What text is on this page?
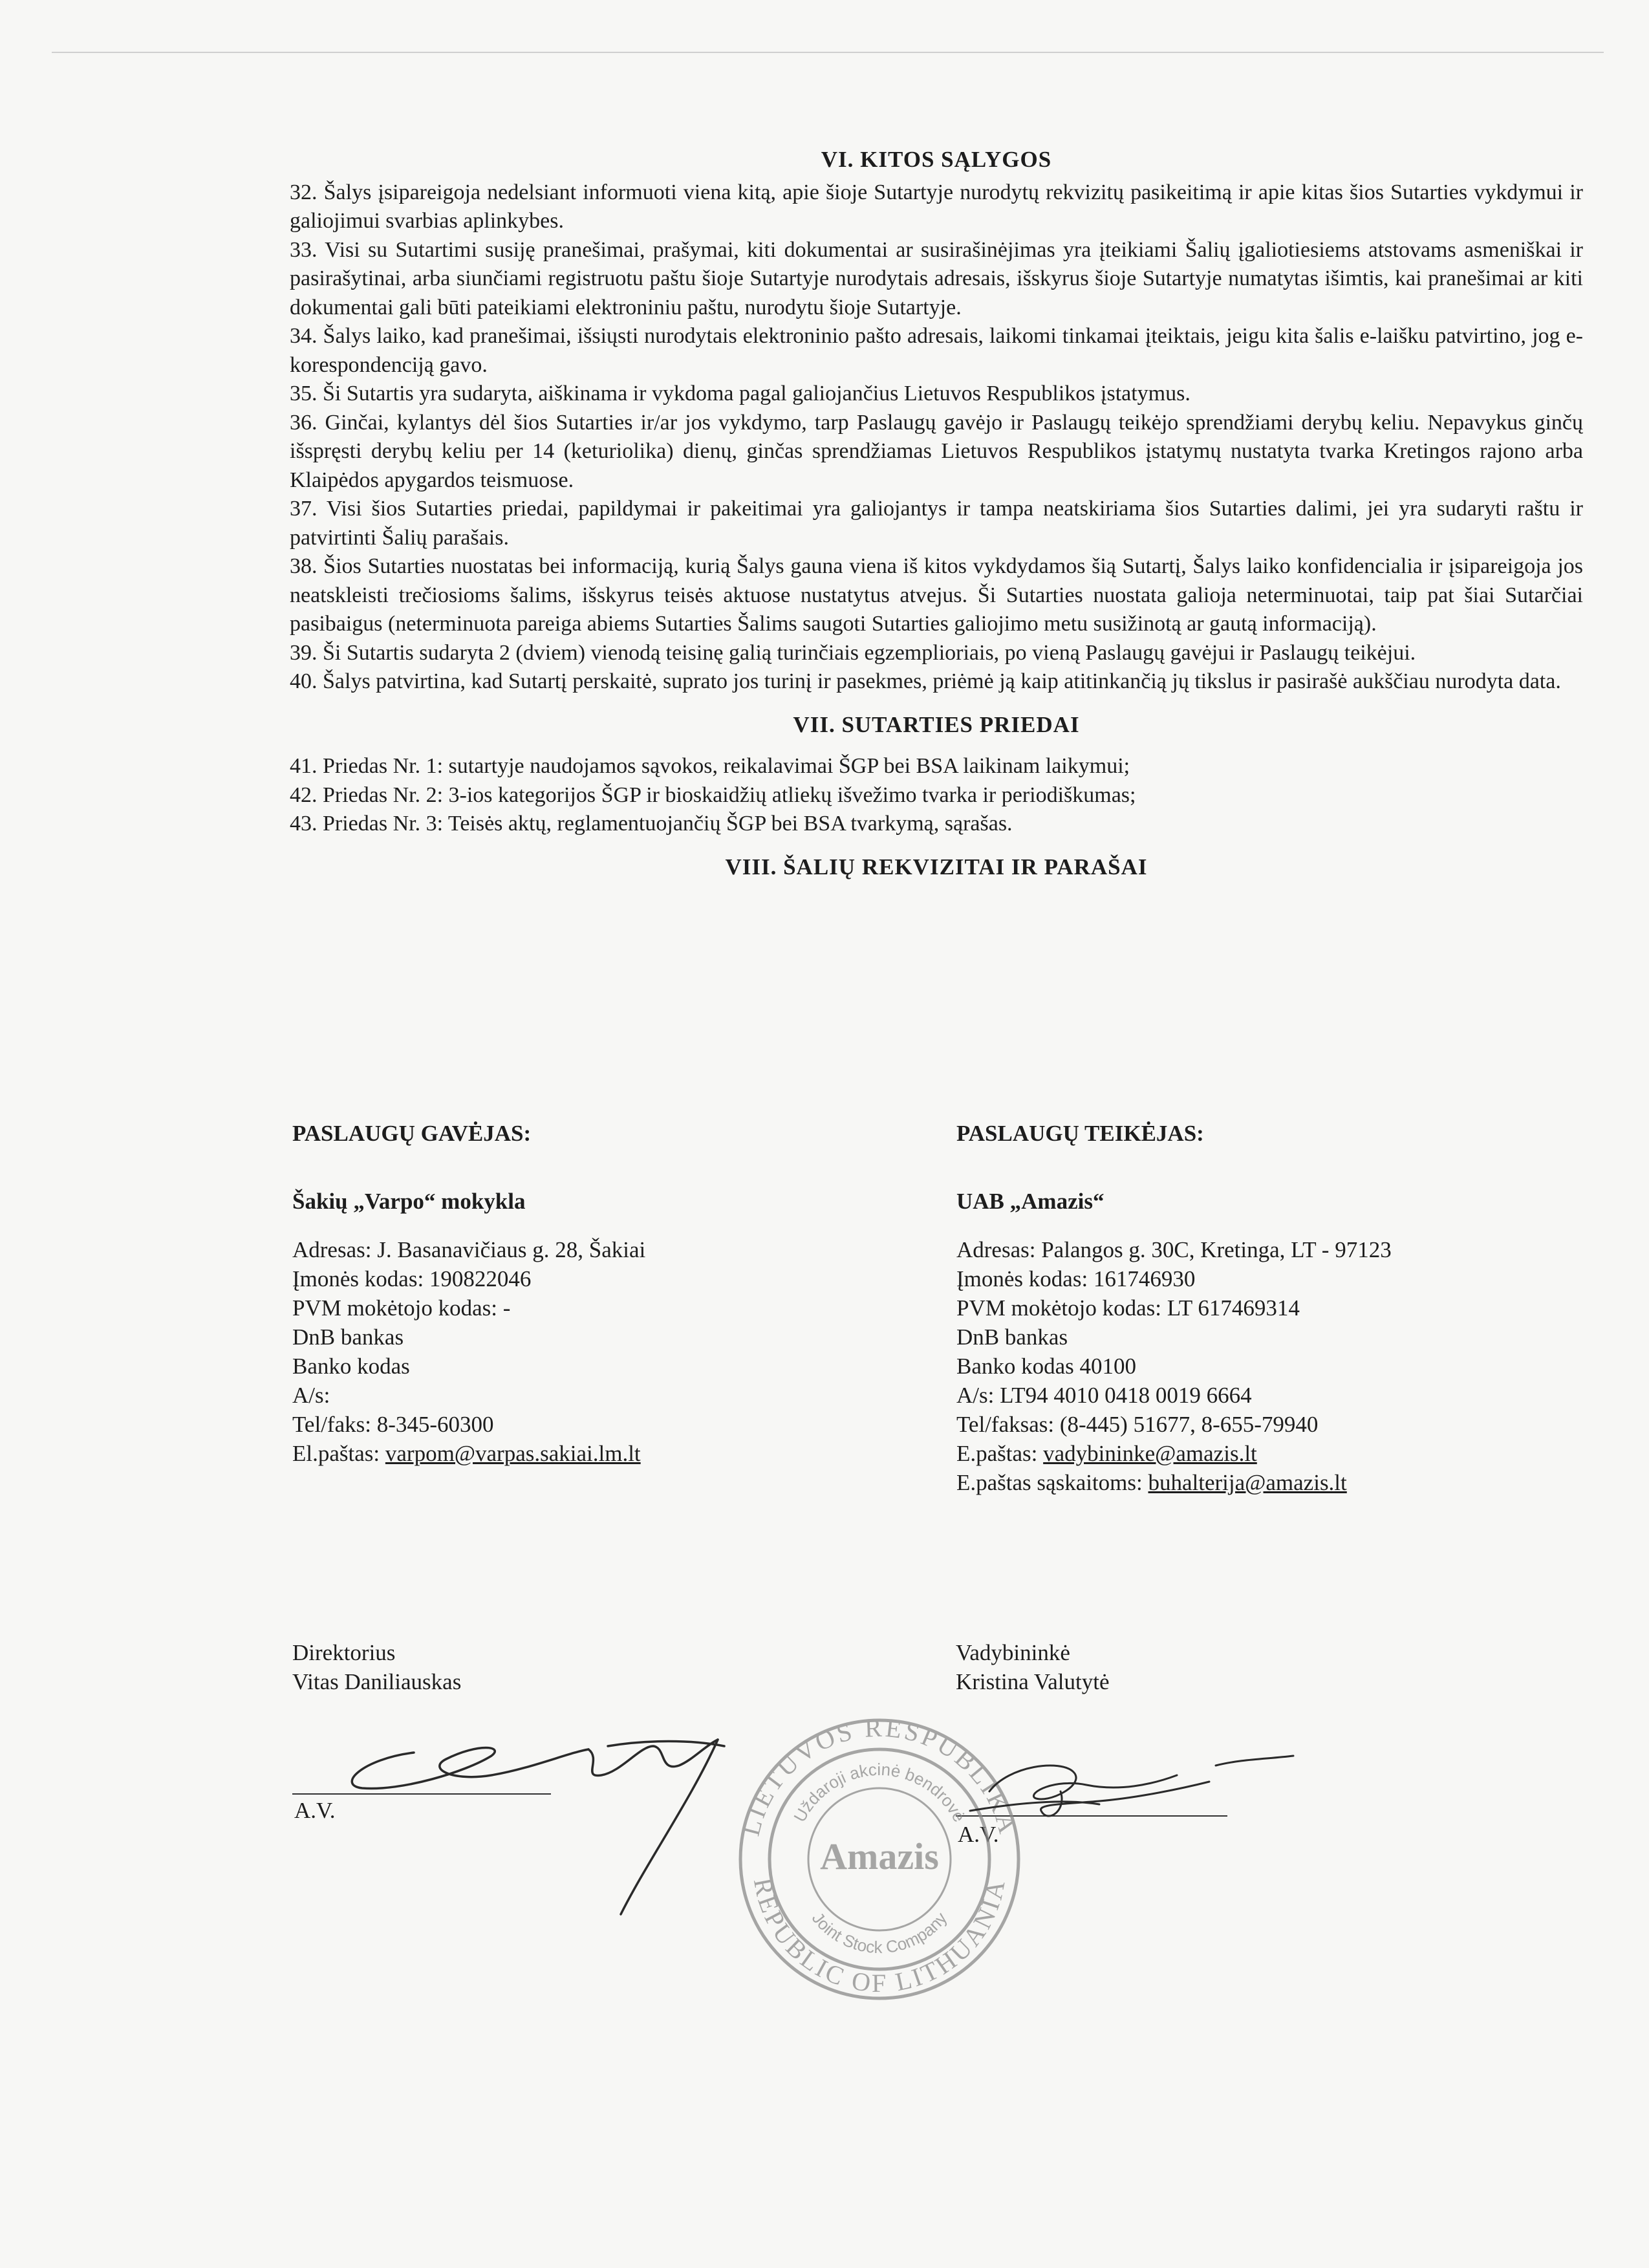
VI. KITOS SĄLYGOS

32. Šalys įsipareigoja nedelsiant informuoti viena kitą, apie šioje Sutartyje nurodytų rekvizitų pasikeitimą ir apie kitas šios Sutarties vykdymui ir galiojimui svarbias aplinkybes.

33. Visi su Sutartimi susiję pranešimai, prašymai, kiti dokumentai ar susirašinėjimas yra įteikiami Šalių įgaliotiesiems atstovams asmeniškai ir pasirašytinai, arba siunčiami registruotu paštu šioje Sutartyje nurodytais adresais, išskyrus šioje Sutartyje numatytas išimtis, kai pranešimai ar kiti dokumentai gali būti pateikiami elektroniniu paštu, nurodytu šioje Sutartyje.

34. Šalys laiko, kad pranešimai, išsiųsti nurodytais elektroninio pašto adresais, laikomi tinkamai įteiktais, jeigu kita šalis e-laišku patvirtino, jog e-korespondenciją gavo.

35. Ši Sutartis yra sudaryta, aiškinama ir vykdoma pagal galiojančius Lietuvos Respublikos įstatymus.

36. Ginčai, kylantys dėl šios Sutarties ir/ar jos vykdymo, tarp Paslaugų gavėjo ir Paslaugų teikėjo sprendžiami derybų keliu. Nepavykus ginčų išspręsti derybų keliu per 14 (keturiolika) dienų, ginčas sprendžiamas Lietuvos Respublikos įstatymų nustatyta tvarka Kretingos rajono arba Klaipėdos apygardos teismuose.

37. Visi šios Sutarties priedai, papildymai ir pakeitimai yra galiojantys ir tampa neatskiriama šios Sutarties dalimi, jei yra sudaryti raštu ir patvirtinti Šalių parašais.

38. Šios Sutarties nuostatas bei informaciją, kurią Šalys gauna viena iš kitos vykdydamos šią Sutartį, Šalys laiko konfidencialia ir įsipareigoja jos neatskleisti trečiosioms šalims, išskyrus teisės aktuose nustatytus atvejus. Ši Sutarties nuostata galioja neterminuotai, taip pat šiai Sutarčiai pasibaigus (neterminuota pareiga abiems Sutarties Šalims saugoti Sutarties galiojimo metu susižinotą ar gautą informaciją).

39. Ši Sutartis sudaryta 2 (dviem) vienodą teisinę galią turinčiais egzemplioriais, po vieną Paslaugų gavėjui ir Paslaugų teikėjui.

40. Šalys patvirtina, kad Sutartį perskaitė, suprato jos turinį ir pasekmes, priėmė ją kaip atitinkančią jų tikslus ir pasirašė aukščiau nurodyta data.

VII. SUTARTIES PRIEDAI

41. Priedas Nr. 1: sutartyje naudojamos sąvokos, reikalavimai ŠGP bei BSA laikinam laikymui;

42. Priedas Nr. 2: 3-ios kategorijos ŠGP ir bioskaidžių atliekų išvežimo tvarka ir periodiškumas;

43. Priedas Nr. 3: Teisės aktų, reglamentuojančių ŠGP bei BSA tvarkymą, sąrašas.

VIII. ŠALIŲ REKVIZITAI IR PARAŠAI
PASLAUGŲ GAVĖJAS:
Šakių „Varpo“ mokykla
Adresas: J. Basanavičiaus g. 28, Šakiai
Įmonės kodas: 190822046
PVM mokėtojo kodas: -
DnB bankas
Banko kodas
A/s:
Tel/faks: 8-345-60300
El.paštas: varpom@varpas.sakiai.lm.lt
PASLAUGŲ TEIKĖJAS:
UAB „Amazis“
Adresas: Palangos g. 30C, Kretinga, LT - 97123
Įmonės kodas: 161746930
PVM mokėtojo kodas: LT 617469314
DnB bankas
Banko kodas 40100
A/s: LT94 4010 0418 0019 6664
Tel/faksas: (8-445) 51677, 8-655-79940
E.paštas: vadybininke@amazis.lt
E.paštas sąskaitoms: buhalterija@amazis.lt
Direktorius
Vitas Daniliauskas
A.V.
Vadybininkė
Kristina Valutytė
A.V.
LIETUVOS RESPUBLIKA
REPUBLIC OF LITHUANIA
Uždaroji akcinė bendrovė
Joint Stock Company
Amazis
